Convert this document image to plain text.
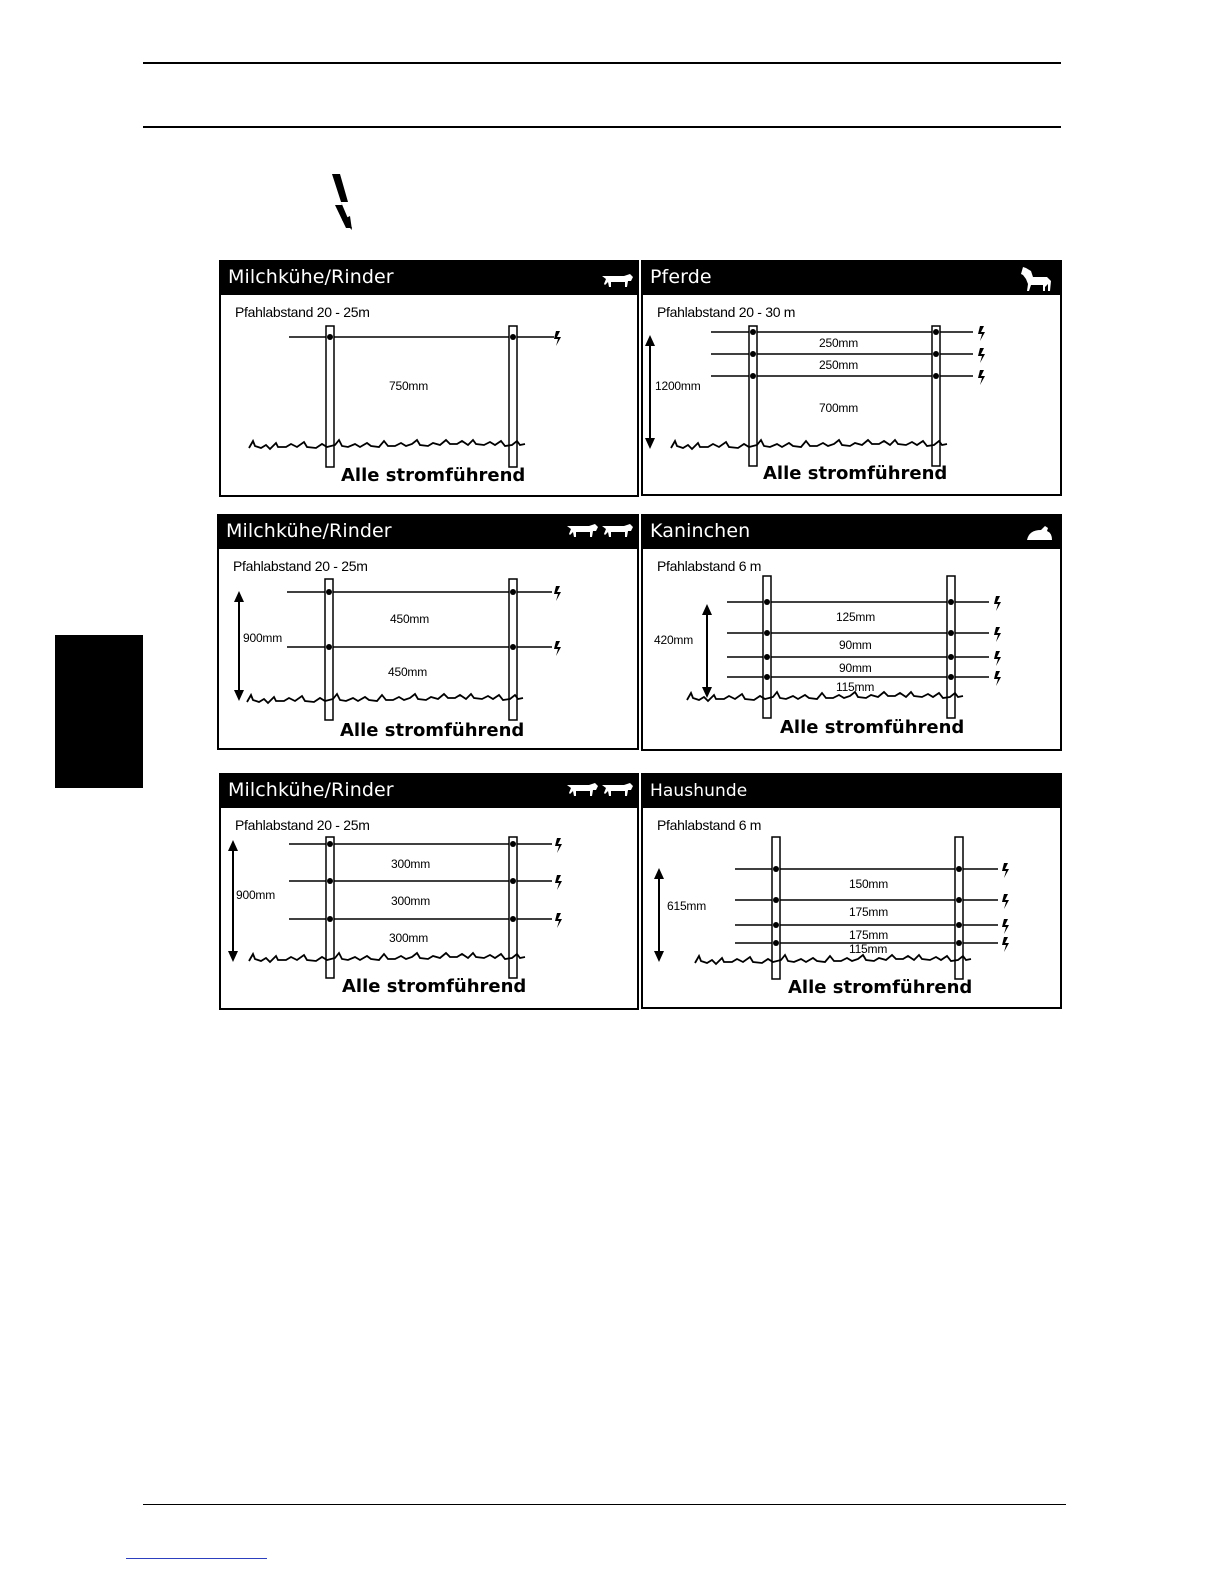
Milchkühe/Rinder
Pfahlabstand 20 - 25m
750mm
Alle stromführend
Pferde
Pfahlabstand 20 - 30 m
1200mm
250mm
250mm
700mm
Alle stromführend
Milchkühe/Rinder
Pfahlabstand 20 - 25m
900mm
450mm
450mm
Alle stromführend
Kaninchen
Pfahlabstand 6 m
420mm
125mm
90mm
90mm
115mm
Alle stromführend
Milchkühe/Rinder
Pfahlabstand 20 - 25m
900mm
300mm
300mm
300mm
Alle stromführend
Haushunde
Pfahlabstand 6 m
615mm
150mm
175mm
175mm
115mm
Alle stromführend
